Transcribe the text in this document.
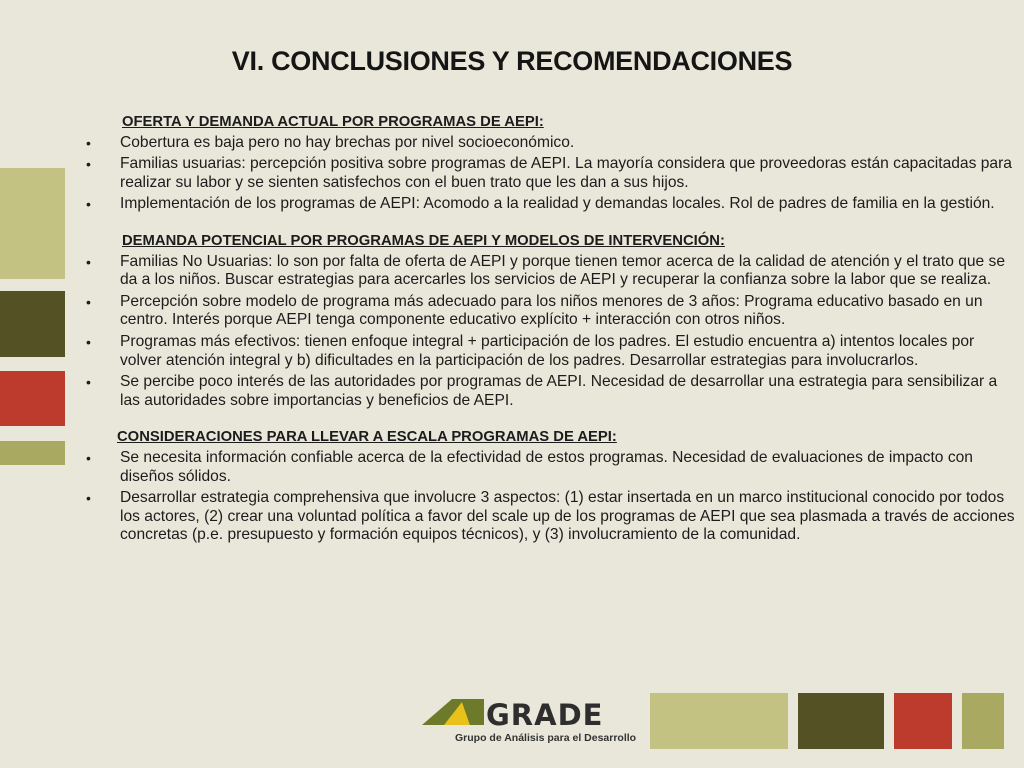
VI. CONCLUSIONES Y RECOMENDACIONES
OFERTA Y DEMANDA ACTUAL POR PROGRAMAS DE AEPI:
• Cobertura es baja pero no hay brechas por nivel socioeconómico.
• Familias usuarias: percepción positiva sobre programas de AEPI. La mayoría considera que proveedoras están capacitadas para realizar su labor y se sienten satisfechos con el buen trato que les dan a sus hijos.
• Implementación de los programas de AEPI: Acomodo a la realidad y demandas locales. Rol de padres de familia en la gestión.
DEMANDA POTENCIAL POR PROGRAMAS DE AEPI Y MODELOS DE INTERVENCIÓN:
• Familias No Usuarias: lo son por falta de oferta de AEPI y porque tienen temor acerca de la calidad de atención y el trato que se da a los niños. Buscar estrategias para acercarles los servicios de AEPI y recuperar la confianza sobre la labor que se realiza.
• Percepción sobre modelo de programa más adecuado para los niños menores de 3 años: Programa educativo basado en un centro. Interés porque AEPI tenga componente educativo explícito + interacción con otros niños.
• Programas más efectivos: tienen enfoque integral + participación de los padres. El estudio encuentra a) intentos locales por volver atención integral y b) dificultades en la participación de los padres. Desarrollar estrategias para involucrarlos.
• Se percibe poco interés de las autoridades por programas de AEPI. Necesidad de desarrollar una estrategia para sensibilizar a las autoridades sobre importancias y beneficios de AEPI.
CONSIDERACIONES PARA LLEVAR A ESCALA PROGRAMAS DE AEPI:
• Se necesita información confiable acerca de la efectividad de estos programas. Necesidad de evaluaciones de impacto con diseños sólidos.
• Desarrollar estrategia comprehensiva que involucre 3 aspectos: (1) estar insertada en un marco institucional conocido por todos los actores, (2) crear una voluntad política a favor del scale up de los programas de AEPI que sea plasmada a través de acciones concretas (p.e. presupuesto y formación equipos técnicos), y (3) involucramiento de la comunidad.
GRADE
Grupo de Análisis para el Desarrollo
